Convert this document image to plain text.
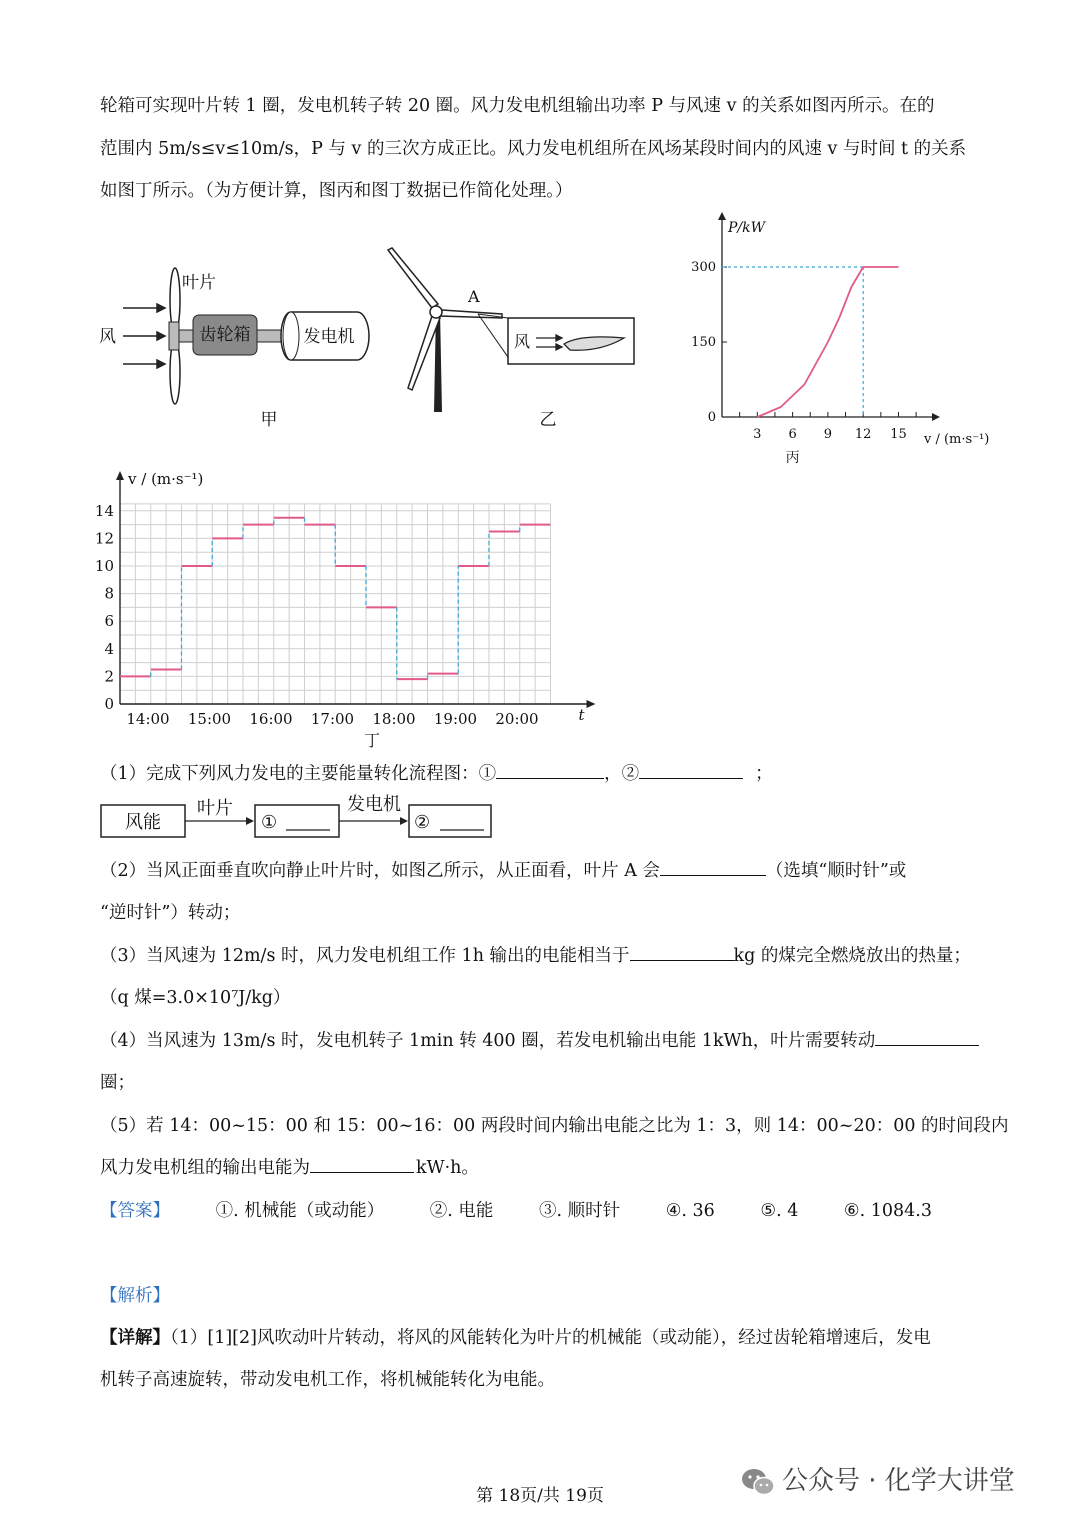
轮箱可实现叶片转 1 圈，发电机转子转 20 圈。风力发电机组输出功率 P 与风速 v 的关系如图丙所示。在的
范围内 5m/s≤v≤10m/s，P 与 v 的三次方成正比。风力发电机组所在风场某段时间内的风速 v 与时间 t 的关系
如图丁所示。（为方便计算，图丙和图丁数据已作简化处理。）
齿轮箱	发电机
风
叶片
甲
A
风
乙
P/kW
v / (m·s⁻¹)
3 6 9 12 15
0
150
300
丙
v / (m·s⁻¹)
t
0
2
4
6
8
10
12
14
14:00 15:00 16:00 17:00 18:00 19:00 20:00
丁
（1）完成下列风力发电的主要能量转化流程图：①	，②	；
风能
叶片
①
发电机
②
（2）当风正面垂直吹向静止叶片时，如图乙所示，从正面看，叶片 A 会	（选填“顺时针”或
“逆时针”）转动；
（3）当风速为 12m/s 时，风力发电机组工作 1h 输出的电能相当于	kg 的煤完全燃烧放出的热量；
（q 煤=3.0×10⁷J/kg）
（4）当风速为 13m/s 时，发电机转子 1min 转 400 圈，若发电机输出电能 1kWh，叶片需要转动
圈；
（5）若 14：00~15：00 和 15：00~16：00 两段时间内输出电能之比为 1：3，则 14：00~20：00 的时间段内
风力发电机组的输出电能为	kW·h。
【答案】	①. 机械能（或动能）	②. 电能	③. 顺时针	④. 36	⑤. 4	⑥. 1084.3
【解析】
【详解】（1）[1][2]风吹动叶片转动，将风的风能转化为叶片的机械能（或动能），经过齿轮箱增速后，发电
机转子高速旋转，带动发电机工作，将机械能转化为电能。
第 18页/共 19页	公众号 · 化学大讲堂
